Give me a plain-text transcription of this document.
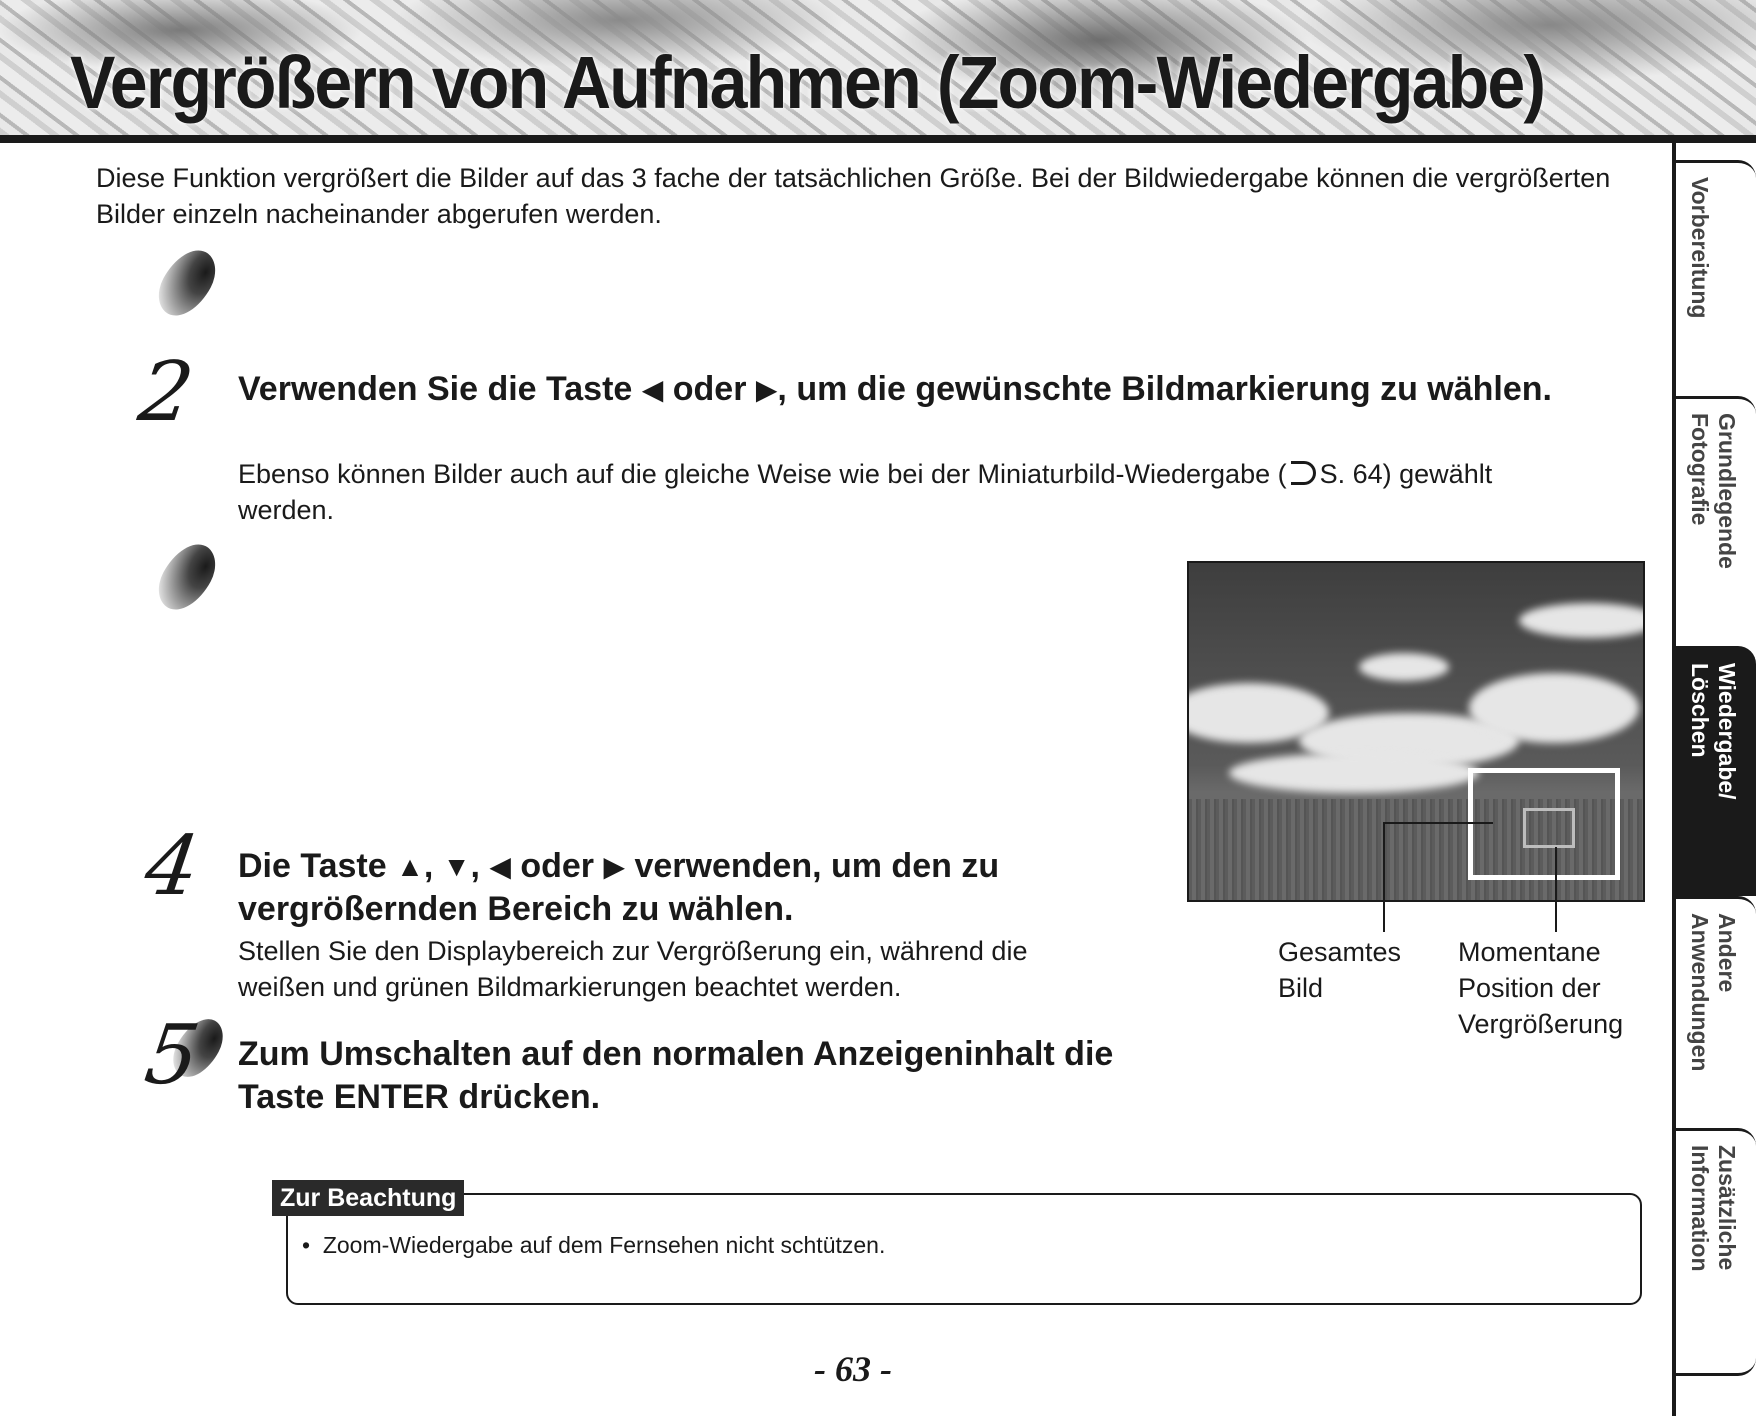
Vergrößern von Aufnahmen (Zoom-Wiedergabe)

Diese Funktion vergrößert die Bilder auf das 3 fache der tatsächlichen Größe. Bei der Bildwiedergabe können die vergrößerten Bilder einzeln nacheinander abgerufen werden.

2 Verwenden Sie die Taste ◀ oder ▶, um die gewünschte Bildmarkierung zu wählen.

Ebenso können Bilder auch auf die gleiche Weise wie bei der Miniaturbild-Wiedergabe ( S. 64) gewählt werden.

Gesamtes
Bild

Momentane
Position der
Vergrößerung

4 Die Taste ▲, ▼, ◀ oder ▶ verwenden, um den zu vergrößernden Bereich zu wählen.

Stellen Sie den Displaybereich zur Vergrößerung ein, während die weißen und grünen Bildmarkierungen beachtet werden.

5 Zum Umschalten auf den normalen Anzeigeninhalt die Taste ENTER drücken.

Zur Beachtung

•  Zoom-Wiedergabe auf dem Fernsehen nicht schtützen.

- 63 -

Vorbereitung
Grundlegende
Fotografie
Wiedergabe/
Löschen
Andere
Anwendungen
Zusätzliche
Information
